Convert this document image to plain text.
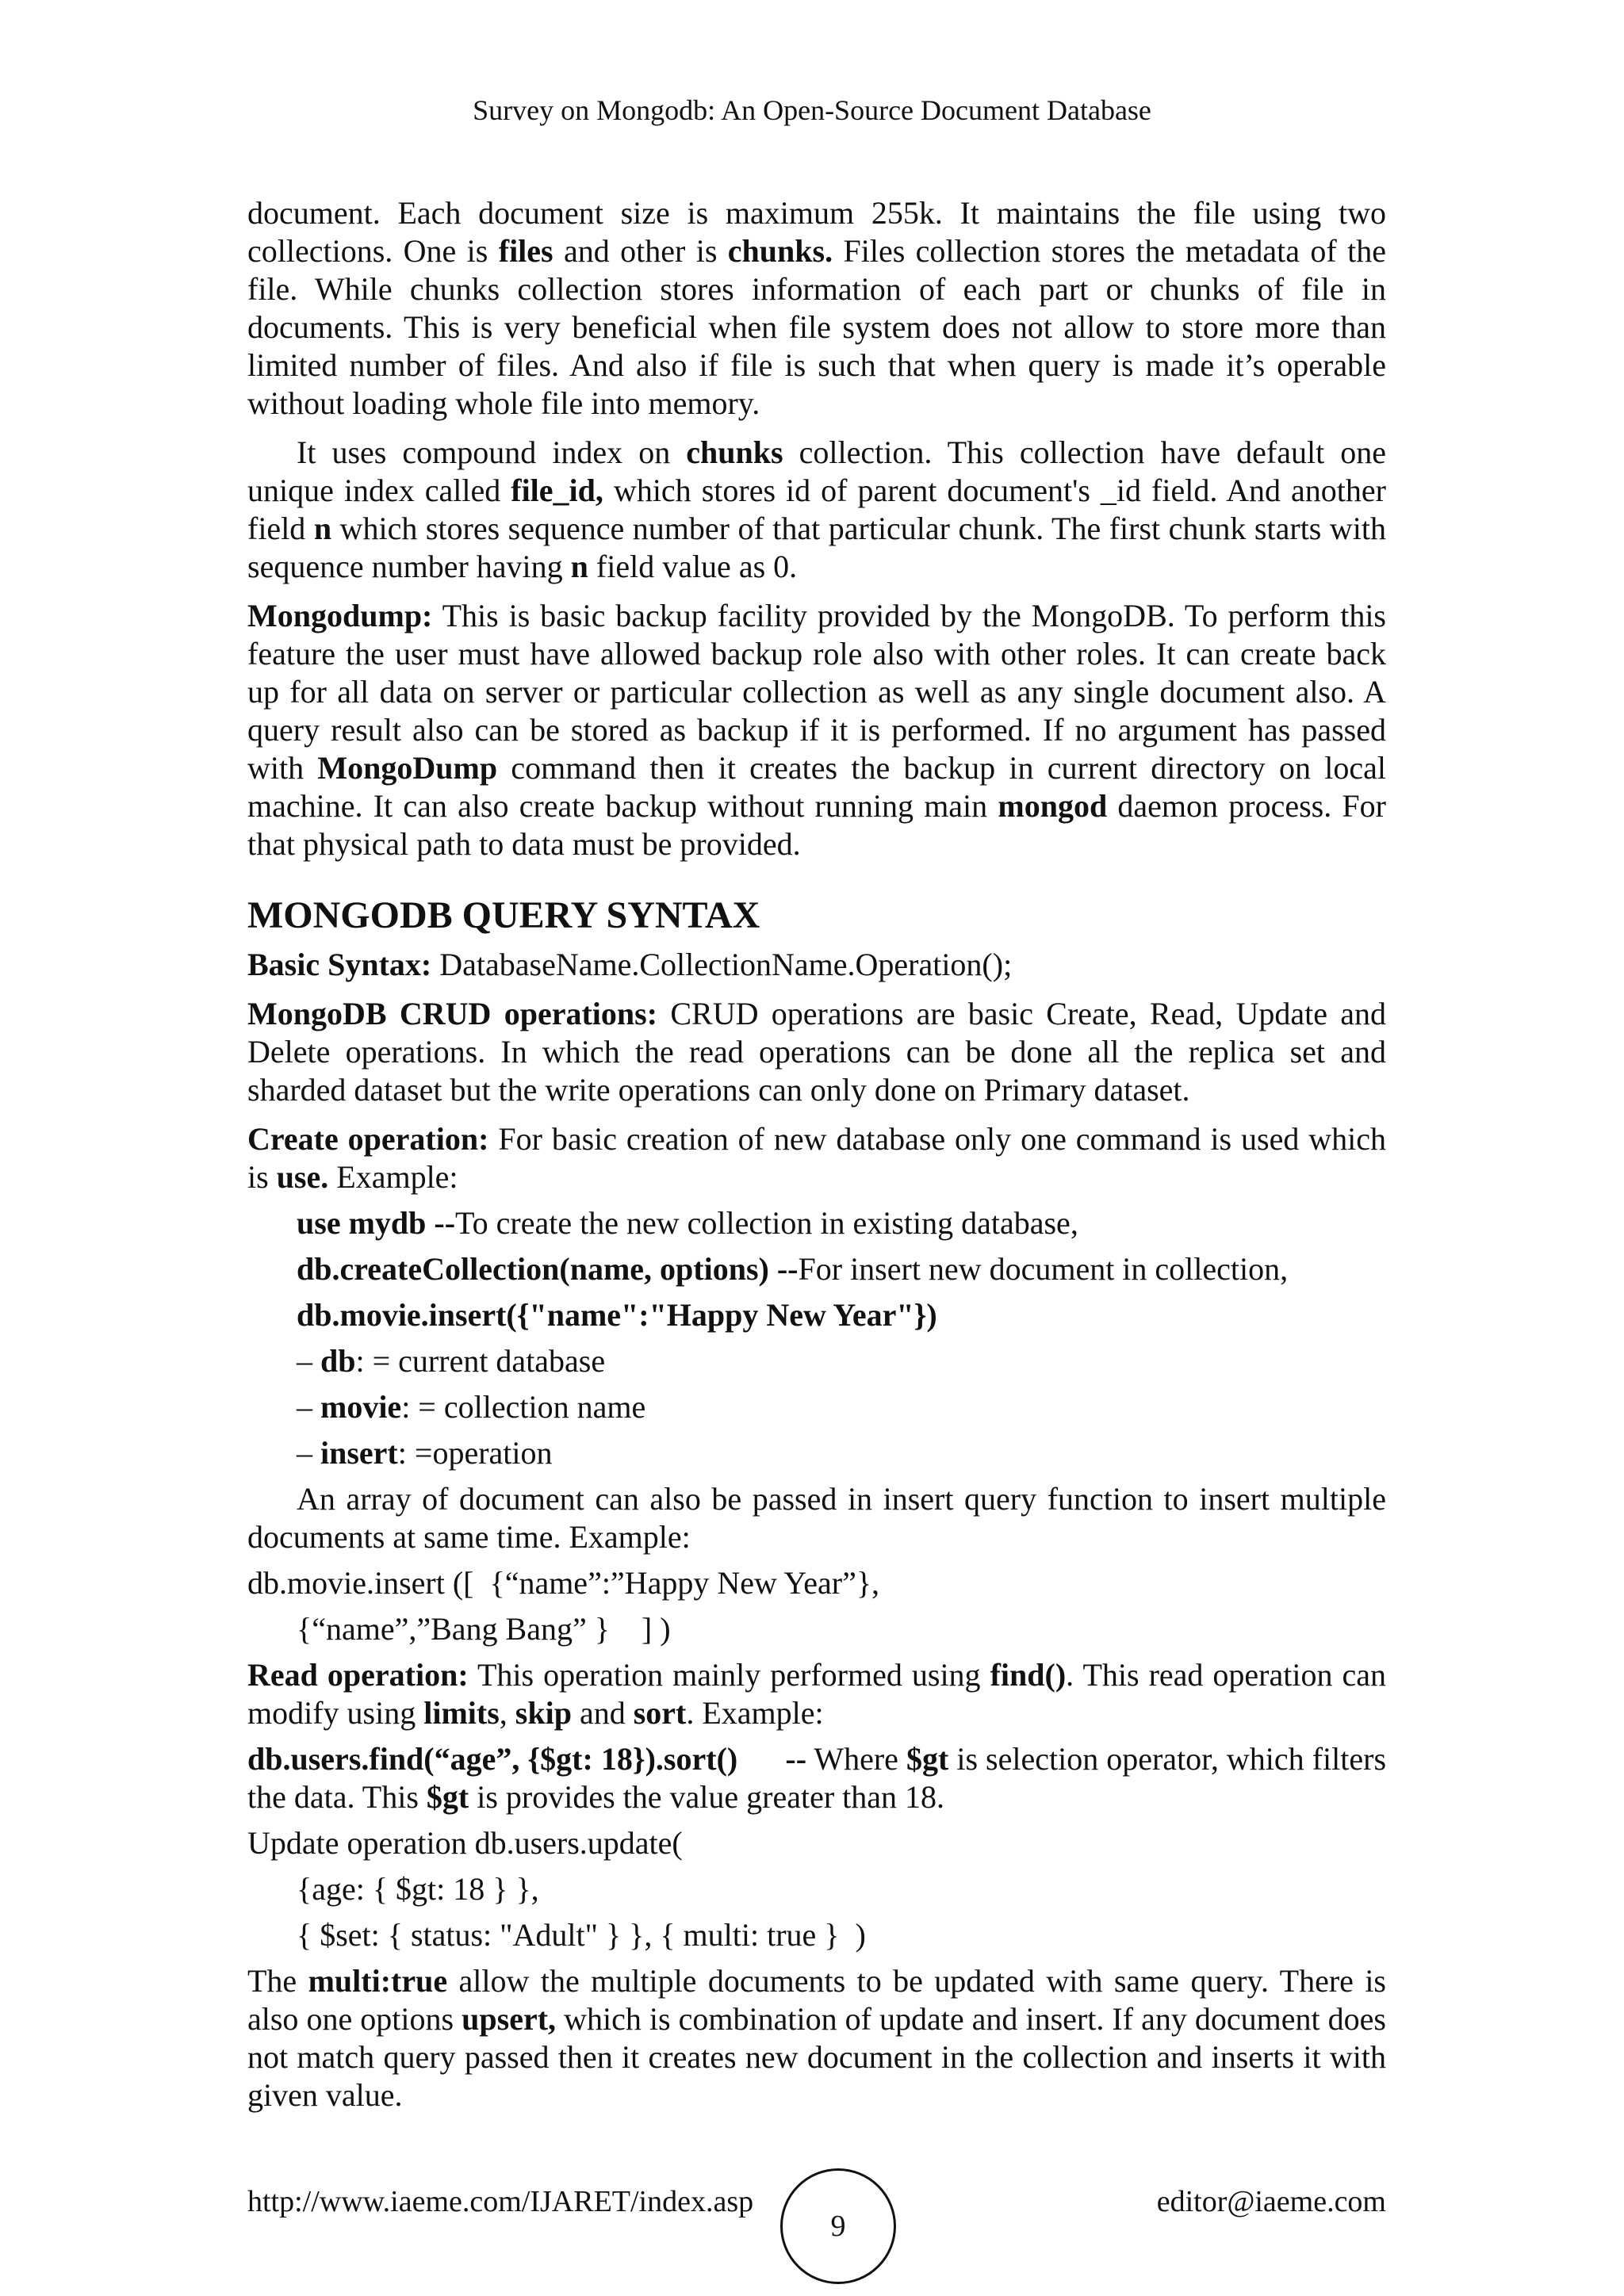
Survey on Mongodb: An Open-Source Document Database

document. Each document size is maximum 255k. It maintains the file using two collections. One is files and other is chunks. Files collection stores the metadata of the file. While chunks collection stores information of each part or chunks of file in documents. This is very beneficial when file system does not allow to store more than limited number of files. And also if file is such that when query is made it’s operable without loading whole file into memory.

It uses compound index on chunks collection. This collection have default one unique index called file_id, which stores id of parent document's _id field. And another field n which stores sequence number of that particular chunk. The first chunk starts with sequence number having n field value as 0.

Mongodump: This is basic backup facility provided by the MongoDB. To perform this feature the user must have allowed backup role also with other roles. It can create back up for all data on server or particular collection as well as any single document also. A query result also can be stored as backup if it is performed. If no argument has passed with MongoDump command then it creates the backup in current directory on local machine. It can also create backup without running main mongod daemon process. For that physical path to data must be provided.

MONGODB QUERY SYNTAX

Basic Syntax: DatabaseName.CollectionName.Operation();

MongoDB CRUD operations: CRUD operations are basic Create, Read, Update and Delete operations. In which the read operations can be done all the replica set and sharded dataset but the write operations can only done on Primary dataset.

Create operation: For basic creation of new database only one command is used which is use. Example:

use mydb --To create the new collection in existing database,

db.createCollection(name, options) --For insert new document in collection,

db.movie.insert({"name":"Happy New Year"})

– db: = current database

– movie: = collection name

– insert: =operation

An array of document can also be passed in insert query function to insert multiple documents at same time. Example:

db.movie.insert ([  {“name”:”Happy New Year”},

{“name”,”Bang Bang” }    ] )

Read operation: This operation mainly performed using find(). This read operation can modify using limits, skip and sort. Example:

db.users.find(“age”, {$gt: 18}).sort() -- Where $gt is selection operator, which filters the data. This $gt is provides the value greater than 18.

Update operation db.users.update(

{age: { $gt: 18 } },

{ $set: { status: "Adult" } }, { multi: true }  )

The multi:true allow the multiple documents to be updated with same query. There is also one options upsert, which is combination of update and insert. If any document does not match query passed then it creates new document in the collection and inserts it with given value.

http://www.iaeme.com/IJARET/index.asp
9
editor@iaeme.com
